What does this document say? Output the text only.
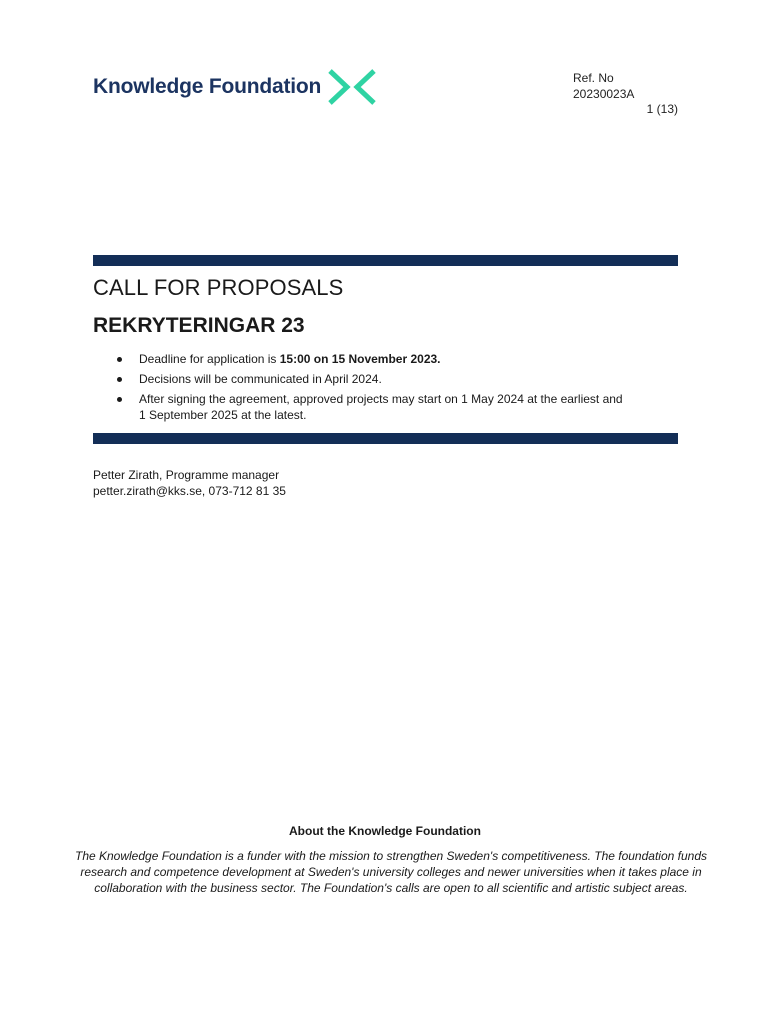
Knowledge Foundation	Ref. No
20230023A
1 (13)
CALL FOR PROPOSALS
REKRYTERINGAR 23
Deadline for application is 15:00 on 15 November 2023.
Decisions will be communicated in April 2024.
After signing the agreement, approved projects may start on 1 May 2024 at the earliest and
1 September 2025 at the latest.
Petter Zirath, Programme manager
petter.zirath@kks.se, 073-712 81 35
About the Knowledge Foundation
The Knowledge Foundation is a funder with the mission to strengthen Sweden's competitiveness. The foundation funds
research and competence development at Sweden's university colleges and newer universities when it takes place in
collaboration with the business sector. The Foundation's calls are open to all scientific and artistic subject areas.
